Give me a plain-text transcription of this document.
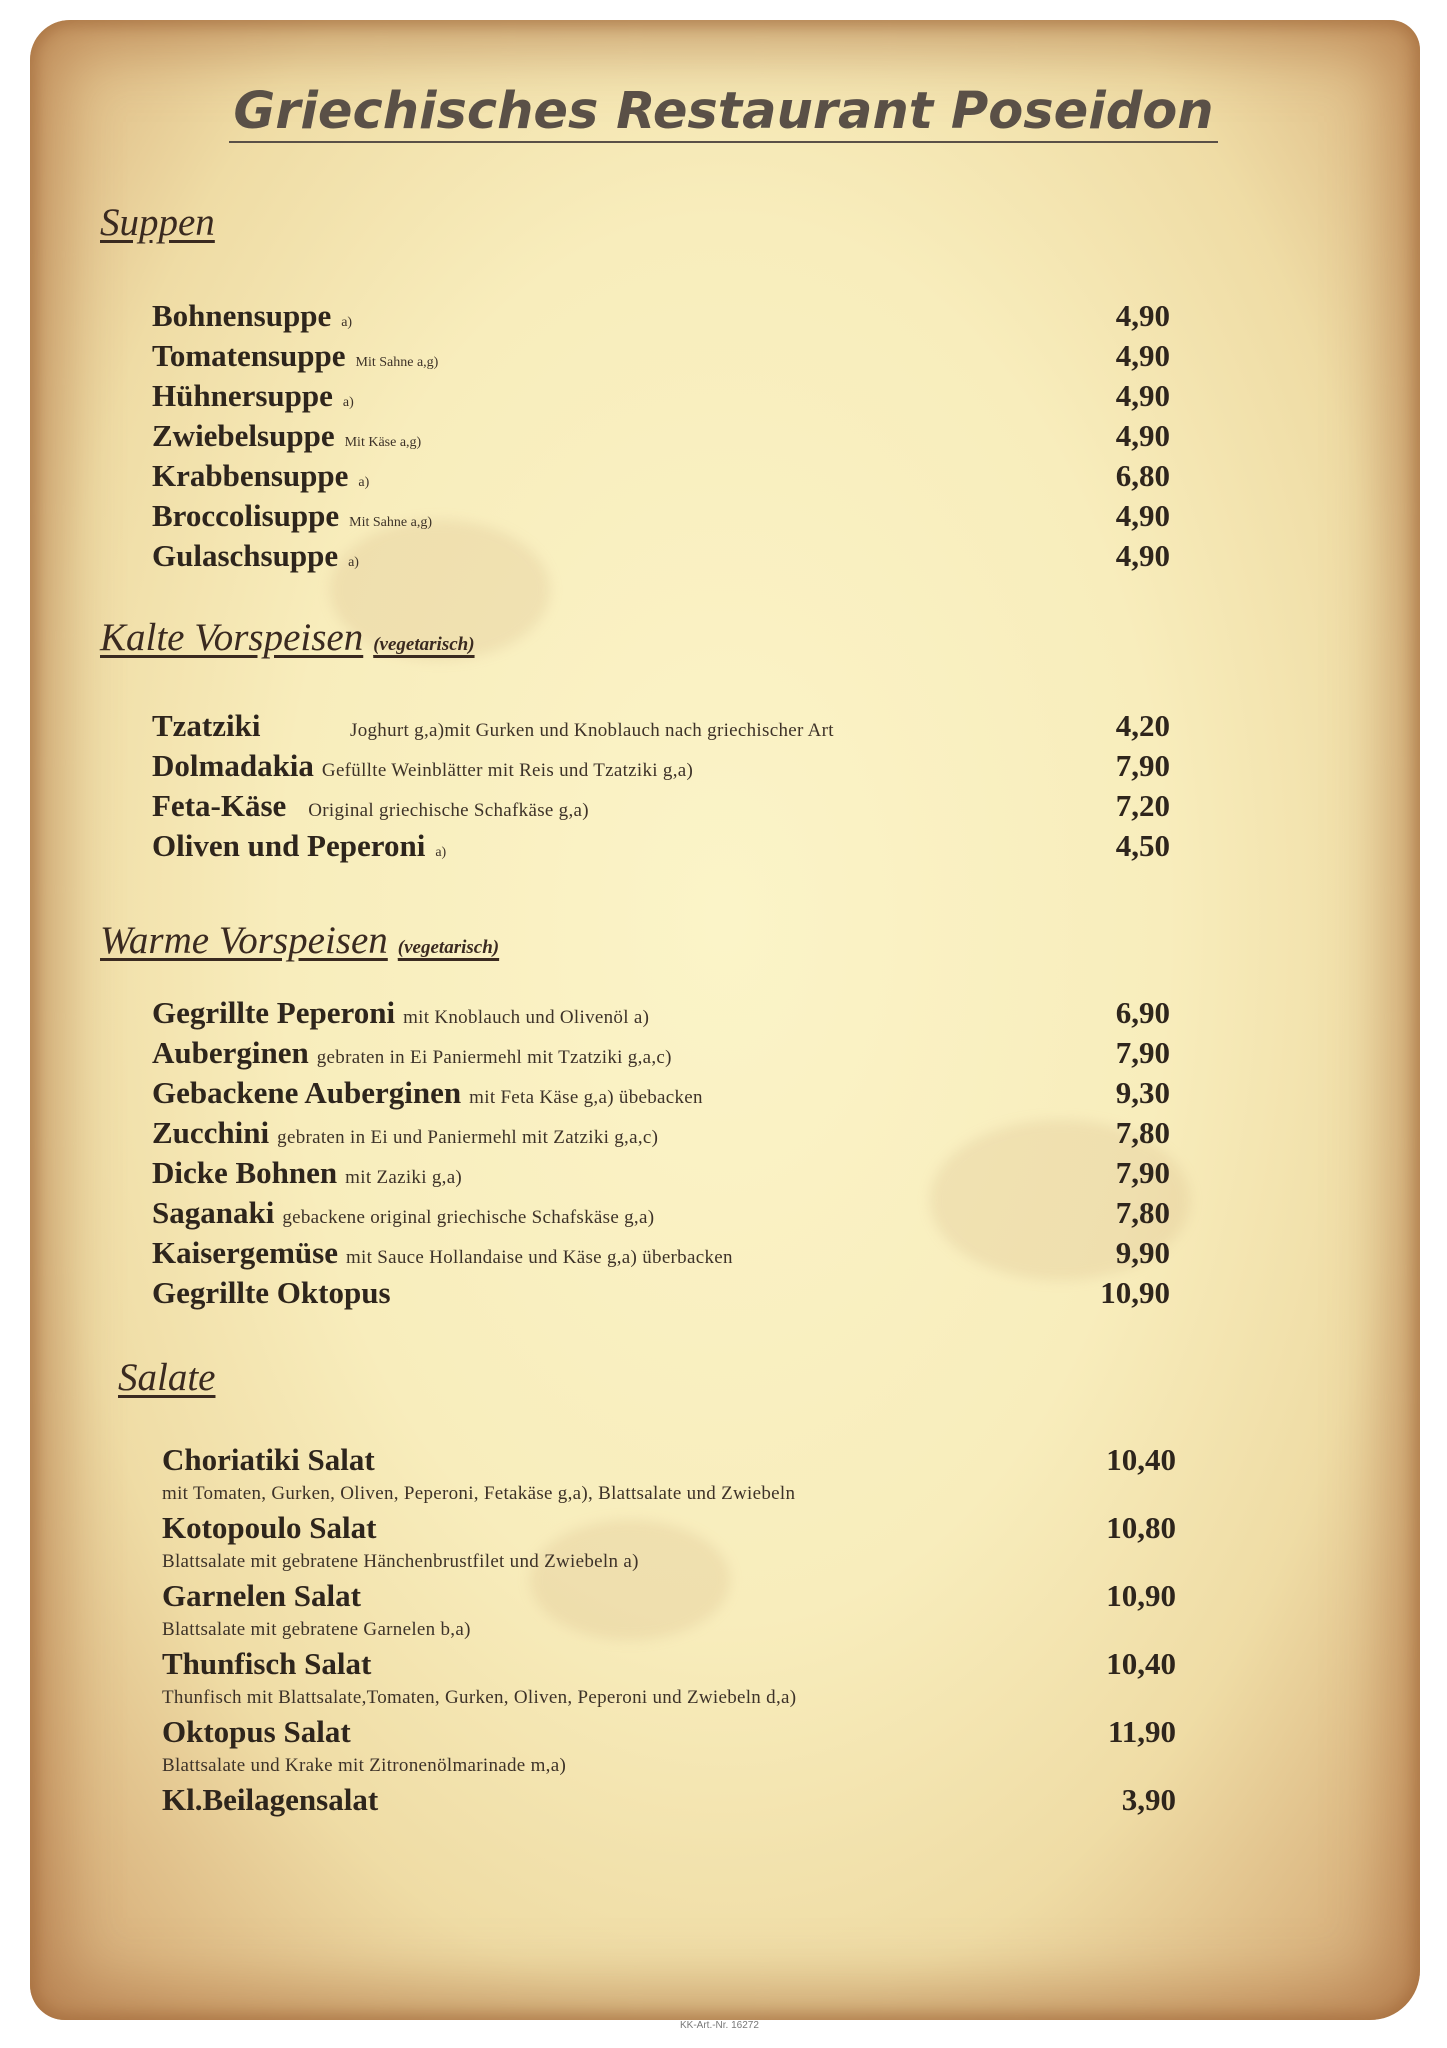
Griechisches Restaurant Poseidon
Suppen
Bohnensuppe a)	4,90
Tomatensuppe Mit Sahne a,g)	4,90
Hühnersuppe a)	4,90
Zwiebelsuppe Mit Käse a,g)	4,90
Krabbensuppe a)	6,80
Broccolisuppe Mit Sahne a,g)	4,90
Gulaschsuppe a)	4,90
Kalte Vorspeisen (vegetarisch)
Tzatziki	Joghurt g,a)mit Gurken und Knoblauch nach griechischer Art	4,20
Dolmadakia Gefüllte Weinblätter mit Reis und Tzatziki g,a)	7,90
Feta-Käse Original griechische Schafkäse g,a)	7,20
Oliven und Peperoni a)	4,50
Warme Vorspeisen (vegetarisch)
Gegrillte Peperoni mit Knoblauch und Olivenöl a)	6,90
Auberginen gebraten in Ei Paniermehl mit Tzatziki g,a,c)	7,90
Gebackene Auberginen mit Feta Käse g,a) übebacken	9,30
Zucchini gebraten in Ei und Paniermehl mit Zatziki g,a,c)	7,80
Dicke Bohnen mit Zaziki g,a)	7,90
Saganaki gebackene original griechische Schafskäse g,a)	7,80
Kaisergemüse mit Sauce Hollandaise und Käse g,a) überbacken	9,90
Gegrillte Oktopus	10,90
Salate
Choriatiki Salat	10,40
mit Tomaten, Gurken, Oliven, Peperoni, Fetakäse g,a), Blattsalate und Zwiebeln
Kotopoulo Salat	10,80
Blattsalate mit gebratene Hänchenbrustfilet und Zwiebeln a)
Garnelen Salat	10,90
Blattsalate mit gebratene Garnelen b,a)
Thunfisch Salat	10,40
Thunfisch mit Blattsalate,Tomaten, Gurken, Oliven, Peperoni und Zwiebeln d,a)
Oktopus Salat	11,90
Blattsalate und Krake mit Zitronenölmarinade m,a)
Kl.Beilagensalat	3,90
KK-Art.-Nr. 16272
